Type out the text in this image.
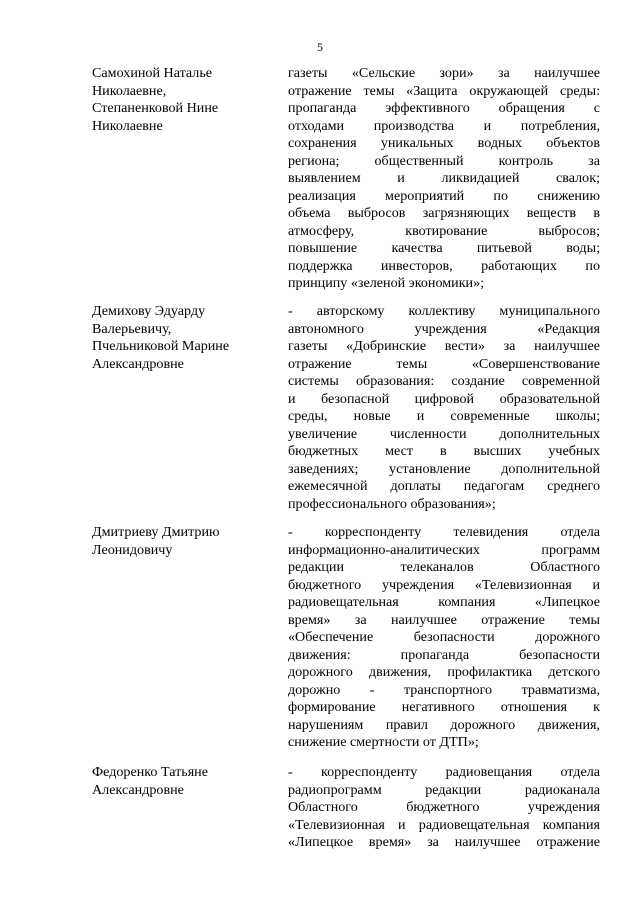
5
Самохиной Наталье
Николаевне,
Степаненковой Нине
Николаевне
газеты «Сельские зори» за наилучшее
отражение темы «Защита окружающей среды:
пропаганда эффективного обращения с
отходами производства и потребления,
сохранения уникальных водных объектов
региона; общественный контроль за
выявлением и ликвидацией свалок;
реализация мероприятий по снижению
объема выбросов загрязняющих веществ в
атмосферу, квотирование выбросов;
повышение качества питьевой воды;
поддержка инвесторов, работающих по
принципу «зеленой экономики»;
Демихову Эдуарду
Валерьевичу,
Пчельниковой Марине
Александровне
- авторскому коллективу муниципального
автономного учреждения «Редакция
газеты «Добринские вести» за наилучшее
отражение темы «Совершенствование
системы образования: создание современной
и безопасной цифровой образовательной
среды, новые и современные школы;
увеличение численности дополнительных
бюджетных мест в высших учебных
заведениях; установление дополнительной
ежемесячной доплаты педагогам среднего
профессионального образования»;
Дмитриеву Дмитрию
Леонидовичу
- корреспонденту телевидения отдела
информационно-аналитических программ
редакции телеканалов Областного
бюджетного учреждения «Телевизионная и
радиовещательная компания «Липецкое
время» за наилучшее отражение темы
«Обеспечение безопасности дорожного
движения: пропаганда безопасности
дорожного движения, профилактика детского
дорожно - транспортного травматизма,
формирование негативного отношения к
нарушениям правил дорожного движения,
снижение смертности от ДТП»;
Федоренко Татьяне
Александровне
- корреспонденту радиовещания отдела
радиопрограмм редакции радиоканала
Областного бюджетного учреждения
«Телевизионная и радиовещательная компания
«Липецкое время» за наилучшее отражение
